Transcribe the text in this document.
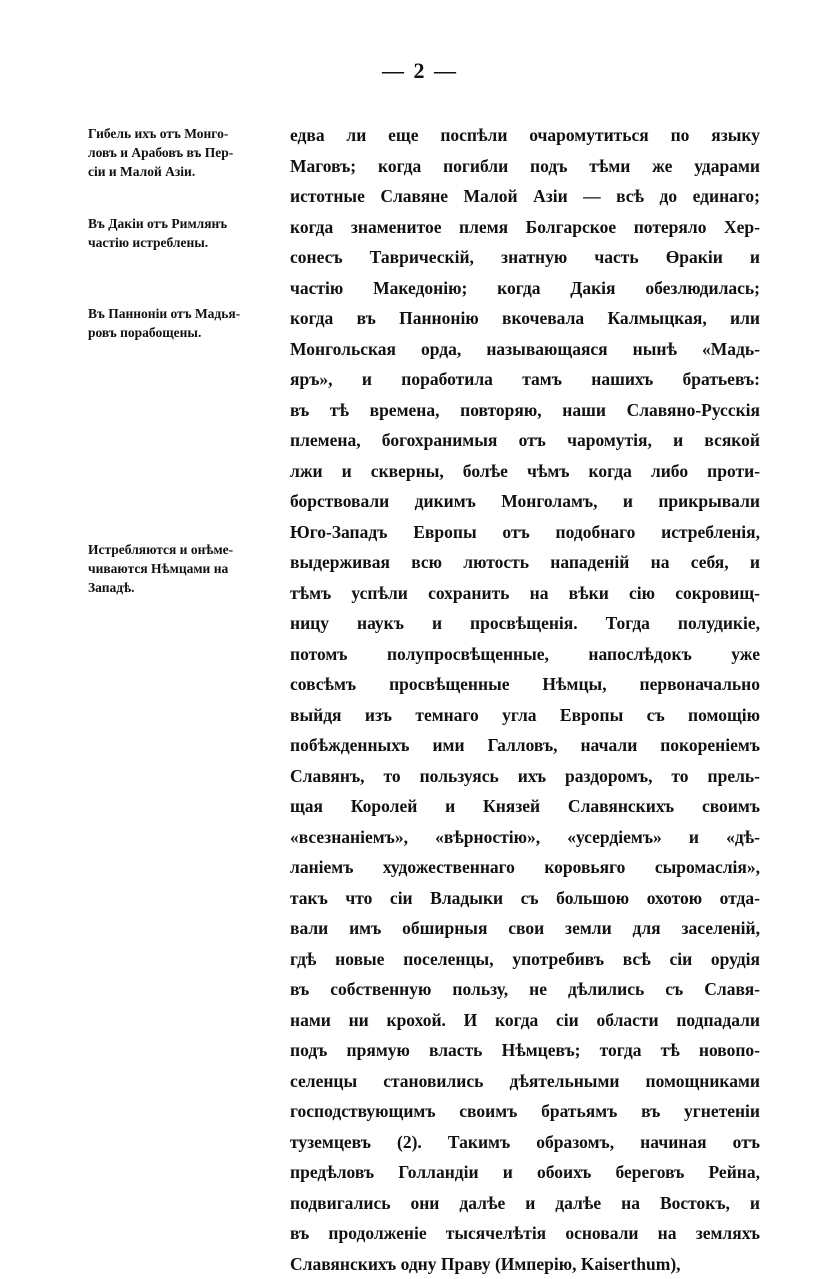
— 2 —
Гибель ихъ отъ Монго-
ловъ и Арабовъ въ Пер-
сіи и Малой Азіи.
Въ Дакіи отъ Римлянъ
частію истреблены.
Въ Паннонiи отъ Мадья-
ровъ порабощены.
Истребляются и онѣме-
чиваются Нѣмцами на
Западѣ.
едва ли еще поспѣли очаромутиться по языку
Маговъ; когда погибли подъ тѣми же ударами
истотные Славяне Малой Азіи — всѣ до единаго;
когда знаменитое племя Болгарское потеряло Хер-
сонесъ Таврическій, знатную часть Өракіи и
частію Македонію; когда Дакія обезлюдилась;
когда въ Паннонію вкочевала Калмыцкая, или
Монгольская орда, называющаяся нынѣ «Мадь-
яръ», и поработила тамъ нашихъ братьевъ:
въ тѣ времена, повторяю, наши Славяно-Русскія
племена, богохранимыя отъ чаромутія, и всякой
лжи и скверны, болѣе чѣмъ когда либо проти-
борствовали дикимъ Монголамъ, и прикрывали
Юго-Западъ Европы отъ подобнаго истребленія,
выдерживая всю лютость нападеній на себя, и
тѣмъ успѣли сохранить на вѣки сію сокровищ-
ницу наукъ и просвѣщенія. Тогда полудикіе,
потомъ полупросвѣщенные, напослѣдокъ уже
совсѣмъ просвѣщенные Нѣмцы, первоначально
выйдя изъ темнаго угла Европы съ помощію
побѣжденныхъ ими Галловъ, начали покореніемъ
Славянъ, то пользуясь ихъ раздоромъ, то прель-
щая Королей и Князей Славянскихъ своимъ
«всезнаніемъ», «вѣрностію», «усердіемъ» и «дѣ-
ланіемъ художественнаго коровьяго сыромаслія»,
такъ что сіи Владыки съ большою охотою отда-
вали имъ обширныя свои земли для заселеній,
гдѣ новые поселенцы, употребивъ всѣ сіи орудія
въ собственную пользу, не дѣлились съ Славя-
нами ни крохой. И когда сіи области подпадали
подъ прямую власть Нѣмцевъ; тогда тѣ новопо-
селенцы становились дѣятельными помощниками
господствующимъ своимъ братьямъ въ угнетеніи
туземцевъ (2). Такимъ образомъ, начиная отъ
предѣловъ Голландіи и обоихъ береговъ Рейна,
подвигались они далѣе и далѣе на Востокъ, и
въ продолженіе тысячелѣтія основали на земляхъ
Славянскихъ одну Праву (Имперію, Kaiserthum),
